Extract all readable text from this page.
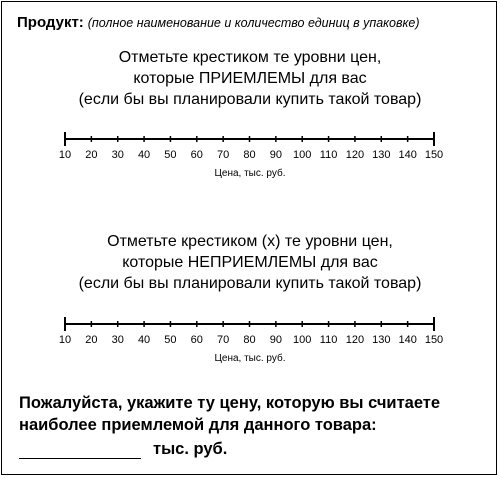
Продукт: (полное наименование и количество единиц в упаковке)
Отметьте крестиком те уровни цен,
которые ПРИЕМЛЕМЫ для вас
(если бы вы планировали купить такой товар)
10 20 30 40 50 60 70 80 90 100 110 120 130 140 150
Цена, тыс. руб.
Отметьте крестиком (х) те уровни цен,
которые НЕПРИЕМЛЕМЫ для вас
(если бы вы планировали купить такой товар)
10 20 30 40 50 60 70 80 90 100 110 120 130 140 150
Цена, тыс. руб.
Пожалуйста, укажите ту цену, которую вы считаете
наиболее приемлемой для данного товара:
тыс. руб.
